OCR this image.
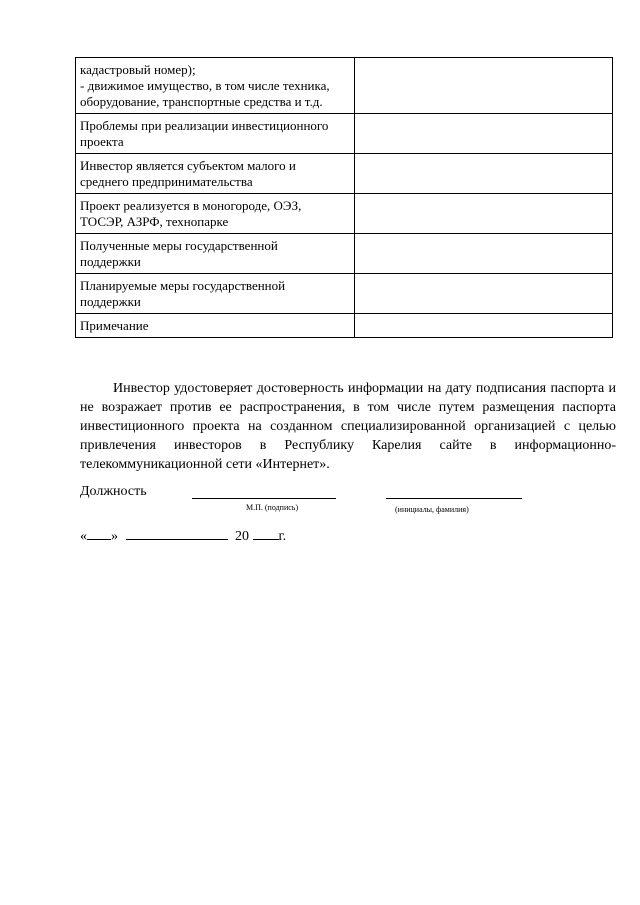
кадастровый номер);
- движимое имущество, в том числе техника,
оборудование, транспортные средства и т.д.	

Проблемы при реализации инвестиционного
проекта	

Инвестор является субъектом малого и
среднего предпринимательства	

Проект реализуется в моногороде, ОЭЗ,
ТОСЭР, АЗРФ, технопарке	

Полученные меры государственной
поддержки	

Планируемые меры государственной
поддержки	

Примечание	

Инвестор удостоверяет достоверность информации на дату подписания паспорта и не возражает против ее распространения, в том числе путем размещения паспорта инвестиционного проекта на созданном специализированной организацией с целью привлечения инвесторов в Республику Карелия сайте в информационно-телекоммуникационной сети «Интернет».

Должность
М.П. (подпись)	(инициалы, фамилия)
« »	20 г.
